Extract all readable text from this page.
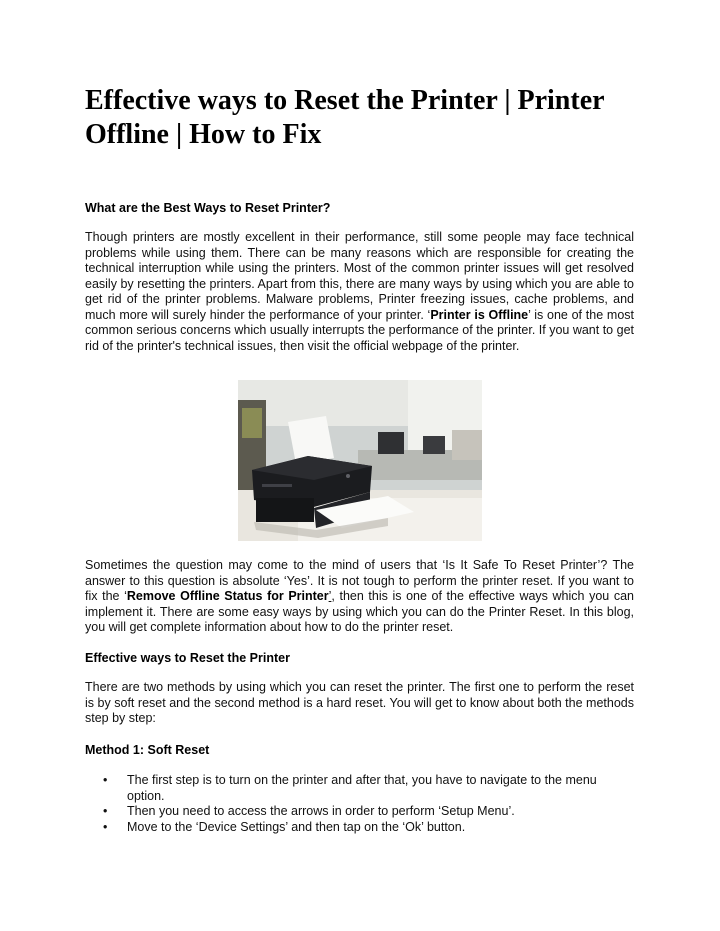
Effective ways to Reset the Printer | Printer Offline | How to Fix
What are the Best Ways to Reset Printer?

Though printers are mostly excellent in their performance, still some people may face technical problems while using them. There can be many reasons which are responsible for creating the technical interruption while using the printers. Most of the common printer issues will get resolved easily by resetting the printers. Apart from this, there are many ways by using which you are able to get rid of the printer problems. Malware problems, Printer freezing issues, cache problems, and much more will surely hinder the performance of your printer. ‘Printer is Offline’ is one of the most common serious concerns which usually interrupts the performance of the printer. If you want to get rid of the printer's technical issues, then visit the official webpage of the printer.

Sometimes the question may come to the mind of users that ‘Is It Safe To Reset Printer’? The answer to this question is absolute ‘Yes’. It is not tough to perform the printer reset. If you want to fix the ‘Remove Offline Status for Printer’, then this is one of the effective ways which you can implement it. There are some easy ways by using which you can do the Printer Reset. In this blog, you will get complete information about how to do the printer reset.

Effective ways to Reset the Printer

There are two methods by using which you can reset the printer. The first one to perform the reset is by soft reset and the second method is a hard reset. You will get to know about both the methods step by step:

Method 1: Soft Reset
• The first step is to turn on the printer and after that, you have to navigate to the menu option.
• Then you need to access the arrows in order to perform ‘Setup Menu’.
• Move to the ‘Device Settings’ and then tap on the ‘Ok’ button.
